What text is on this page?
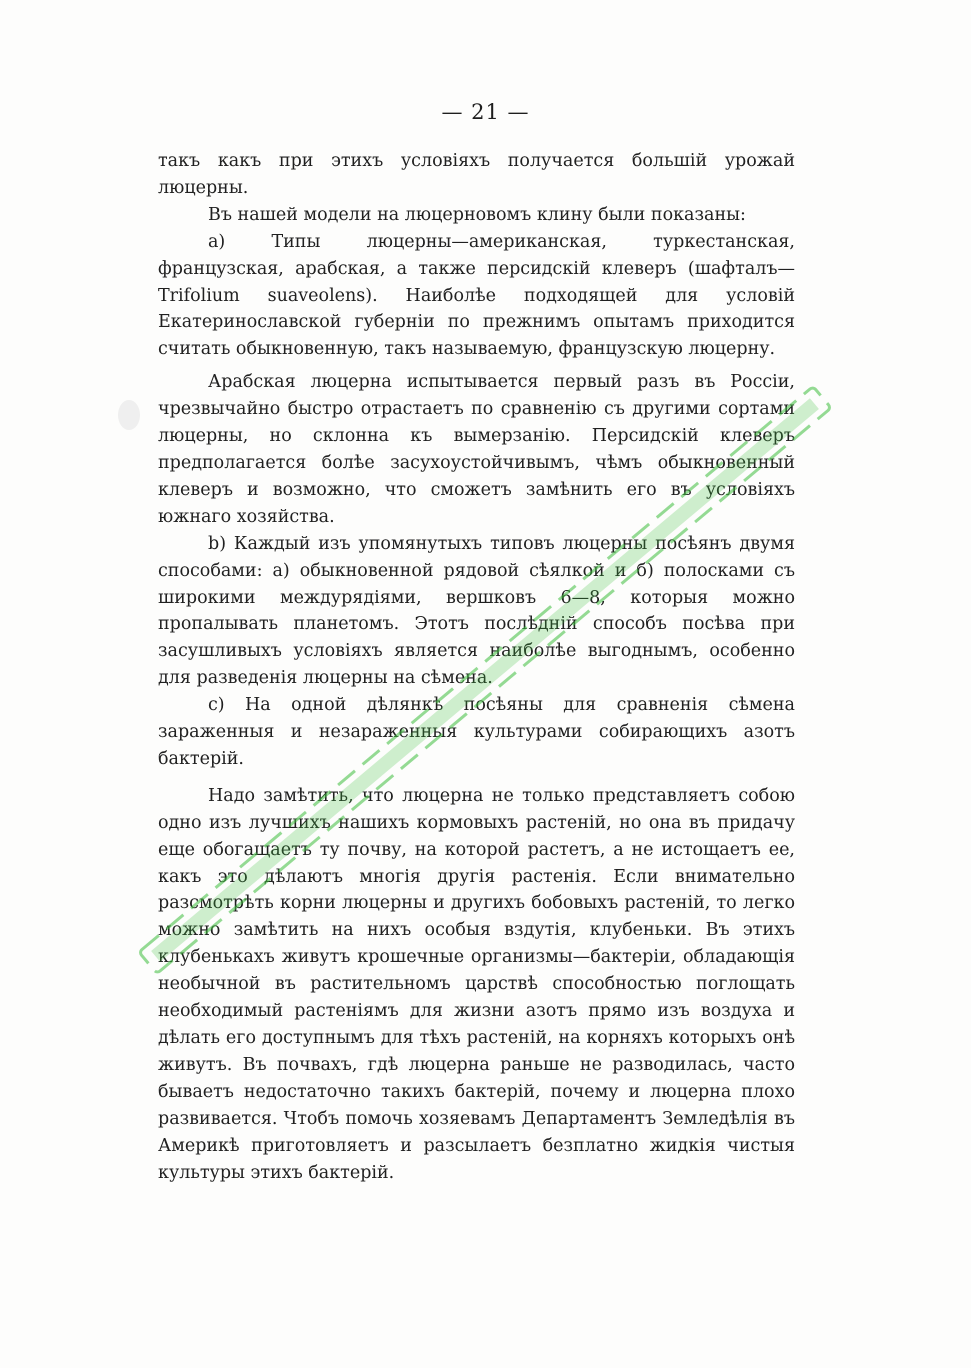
— 21 —

такъ какъ при этихъ условіяхъ получается большій урожай люцерны.

Въ нашей модели на люцерновомъ клину были показаны:

а) Типы люцерны—американская, туркестанская, французская, арабская, а также персидскій клеверъ (шафталъ—Trifolium suaveolens). Наиболѣе подходящей для условій Екатеринославской губерніи по прежнимъ опытамъ приходится считать обыкновенную, такъ называемую, французскую люцерну.

Арабская люцерна испытывается первый разъ въ Россіи, чрезвычайно быстро отрастаетъ по сравненію съ другими сортами люцерны, но склонна къ вымерзанію. Персидскій клеверъ предполагается болѣе засухоустойчивымъ, чѣмъ обыкновенный клеверъ и возможно, что сможетъ замѣнить его въ условіяхъ южнаго хозяйства.

b) Каждый изъ упомянутыхъ типовъ люцерны посѣянъ двумя способами: а) обыкновенной рядовой сѣялкой и б) полосками съ широкими междурядіями, вершковъ 6—8, которыя можно пропалывать планетомъ. Этотъ послѣдній способъ посѣва при засушливыхъ условіяхъ является наиболѣе выгоднымъ, особенно для разведенія люцерны на сѣмена.

с) На одной дѣлянкѣ посѣяны для сравненія сѣмена зараженныя и незараженныя культурами собирающихъ азотъ бактерій.

Надо замѣтить, что люцерна не только представляетъ собою одно изъ лучшихъ нашихъ кормовыхъ растеній, но она въ придачу еще обогащаетъ ту почву, на которой растетъ, а не истощаетъ ее, какъ это дѣлаютъ многія другія растенія. Если внимательно разсмотрѣть корни люцерны и другихъ бобовыхъ растеній, то легко можно замѣтить на нихъ особыя вздутія, клубеньки. Въ этихъ клубенькахъ живутъ крошечные организмы—бактеріи, обладающія необычной въ растительномъ царствѣ способностью поглощать необходимый растеніямъ для жизни азотъ прямо изъ воздуха и дѣлать его доступнымъ для тѣхъ растеній, на корняхъ которыхъ онѣ живутъ. Въ почвахъ, гдѣ люцерна раньше не разводилась, часто бываетъ недостаточно такихъ бактерій, почему и люцерна плохо развивается. Чтобъ помочь хозяевамъ Департаментъ Земледѣлія въ Америкѣ приготовляетъ и разсылаетъ безплатно жидкія чистыя культуры этихъ бактерій.
